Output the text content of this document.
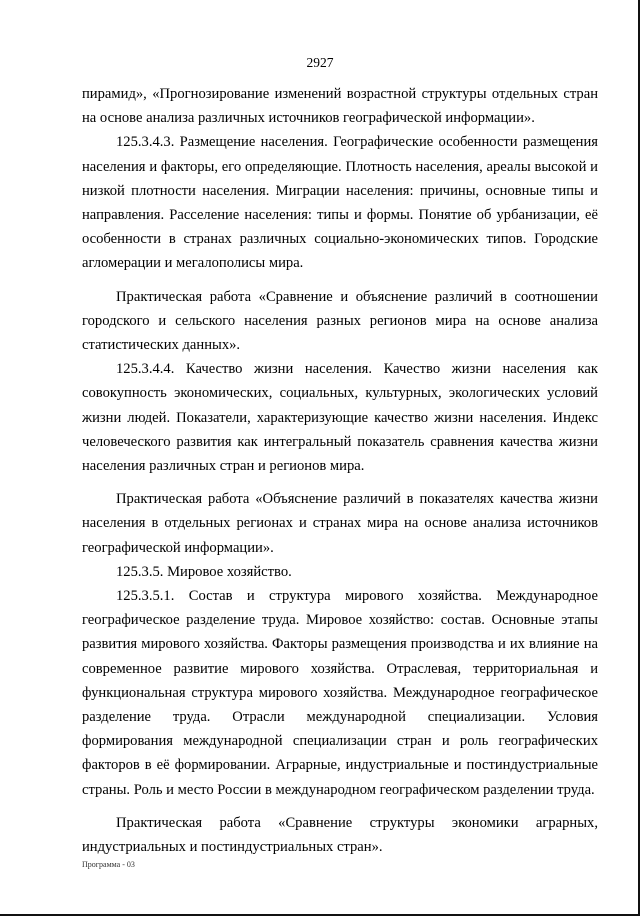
2927

пирамид», «Прогнозирование изменений возрастной структуры отдельных стран на основе анализа различных источников географической информации».

125.3.4.3. Размещение населения. Географические особенности размещения населения и факторы, его определяющие. Плотность населения, ареалы высокой и низкой плотности населения. Миграции населения: причины, основные типы и направления. Расселение населения: типы и формы. Понятие об урбанизации, её особенности в странах различных социально-экономических типов. Городские агломерации и мегалополисы мира.

Практическая работа «Сравнение и объяснение различий в соотношении городского и сельского населения разных регионов мира на основе анализа статистических данных».

125.3.4.4. Качество жизни населения. Качество жизни населения как совокупность экономических, социальных, культурных, экологических условий жизни людей. Показатели, характеризующие качество жизни населения. Индекс человеческого развития как интегральный показатель сравнения качества жизни населения различных стран и регионов мира.

Практическая работа «Объяснение различий в показателях качества жизни населения в отдельных регионах и странах мира на основе анализа источников географической информации».

125.3.5. Мировое хозяйство.

125.3.5.1. Состав и структура мирового хозяйства. Международное географическое разделение труда. Мировое хозяйство: состав. Основные этапы развития мирового хозяйства. Факторы размещения производства и их влияние на современное развитие мирового хозяйства. Отраслевая, территориальная и функциональная структура мирового хозяйства. Международное географическое разделение труда. Отрасли международной специализации. Условия формирования международной специализации стран и роль географических факторов в её формировании. Аграрные, индустриальные и постиндустриальные страны. Роль и место России в международном географическом разделении труда.

Практическая работа «Сравнение структуры экономики аграрных, индустриальных и постиндустриальных стран».

Программа - 03
